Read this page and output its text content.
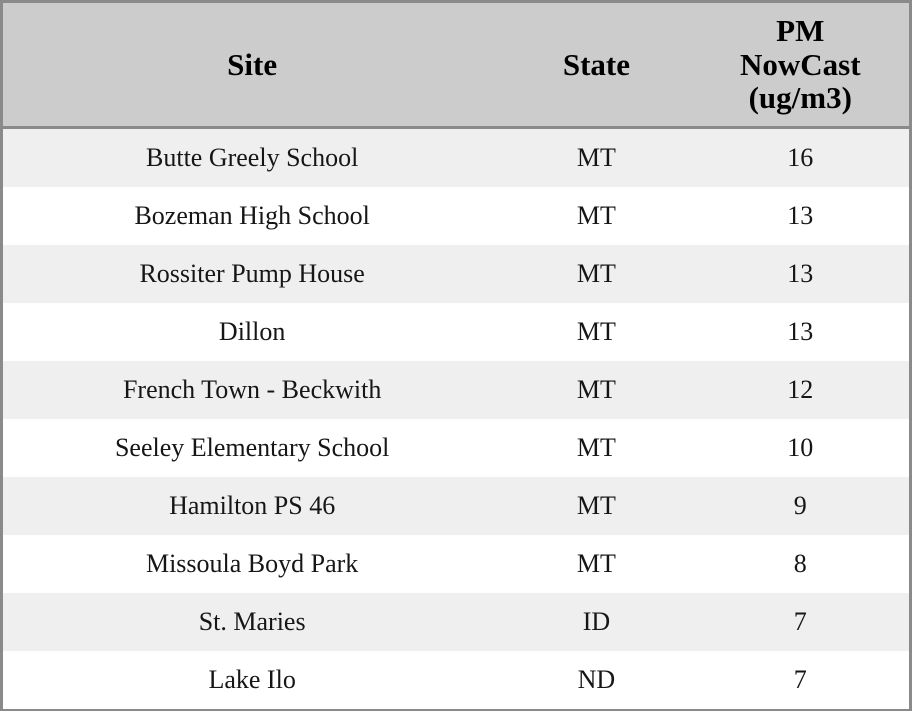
Site	State	PM
NowCast
(ug/m3)

Butte Greely School	MT	16
Bozeman High School	MT	13
Rossiter Pump House	MT	13
Dillon	MT	13
French Town - Beckwith	MT	12
Seeley Elementary School	MT	10
Hamilton PS 46	MT	9
Missoula Boyd Park	MT	8
St. Maries	ID	7
Lake Ilo	ND	7
